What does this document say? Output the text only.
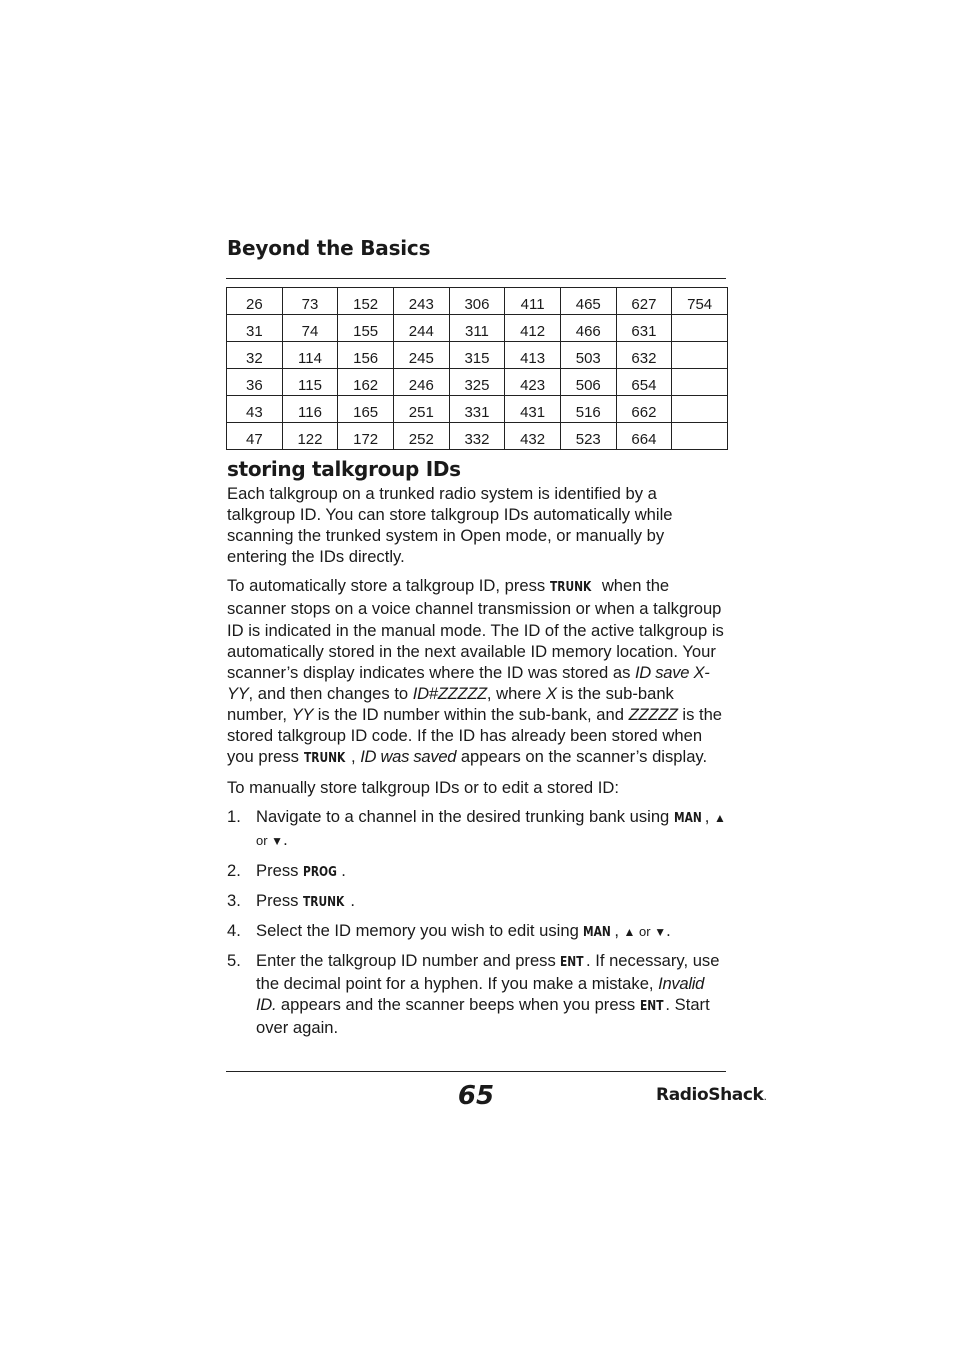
Beyond the Basics
26	73	152	243	306	411	465	627	754
31	74	155	244	311	412	466	631	
32	114	156	245	315	413	503	632	
36	115	162	246	325	423	506	654	
43	116	165	251	331	431	516	662	
47	122	172	252	332	432	523	664	
storing talkgroup IDs

Each talkgroup on a trunked radio system is identified by a talkgroup ID. You can store talkgroup IDs automatically while scanning the trunked system in Open mode, or manually by entering the IDs directly.

To automatically store a talkgroup ID, press TRUNK when the scanner stops on a voice channel transmission or when a talkgroup ID is indicated in the manual mode. The ID of the active talkgroup is automatically stored in the next available ID memory location. Your scanner’s display indicates where the ID was stored as ID save X-YY, and then changes to ID#ZZZZZ, where X is the sub-bank number, YY is the ID number within the sub-bank, and ZZZZZ is the stored talkgroup ID code. If the ID has already been stored when you press TRUNK , ID was saved appears on the scanner’s display.

To manually store talkgroup IDs or to edit a stored ID:

1. Navigate to a channel in the desired trunking bank using MAN , ▲ or ▼.
2. Press PROG .
3. Press TRUNK .
4. Select the ID memory you wish to edit using MAN , ▲ or ▼.
5. Enter the talkgroup ID number and press ENT . If necessary, use the decimal point for a hyphen. If you make a mistake, Invalid ID. appears and the scanner beeps when you press ENT . Start over again.
65	RadioShack.
